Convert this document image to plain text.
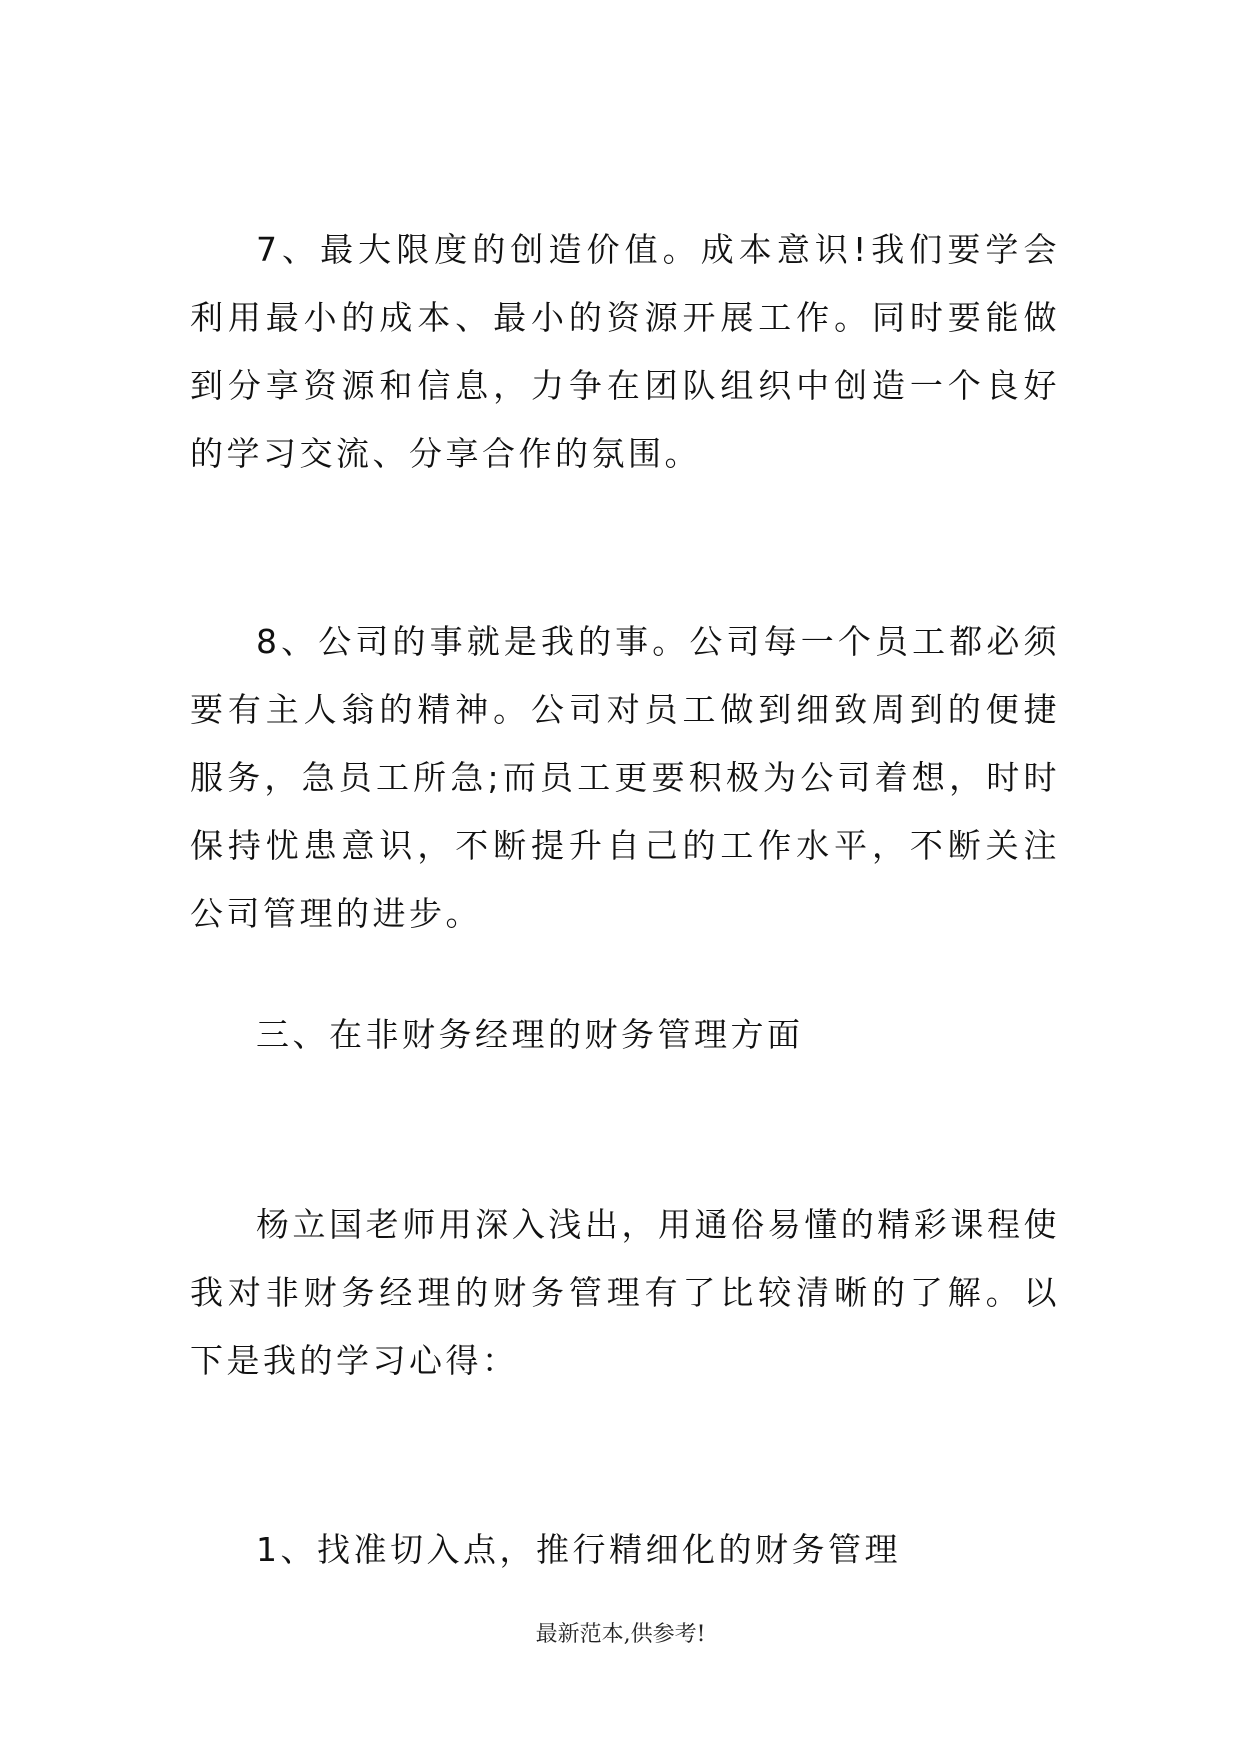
7、最大限度的创造价值。成本意识!我们要学会利用最小的成本、最小的资源开展工作。同时要能做到分享资源和信息，力争在团队组织中创造一个良好的学习交流、分享合作的氛围。

8、公司的事就是我的事。公司每一个员工都必须要有主人翁的精神。公司对员工做到细致周到的便捷服务，急员工所急;而员工更要积极为公司着想，时时保持忧患意识，不断提升自己的工作水平，不断关注公司管理的进步。

三、在非财务经理的财务管理方面

杨立国老师用深入浅出，用通俗易懂的精彩课程使我对非财务经理的财务管理有了比较清晰的了解。以下是我的学习心得：

1、找准切入点，推行精细化的财务管理

最新范本,供参考!
